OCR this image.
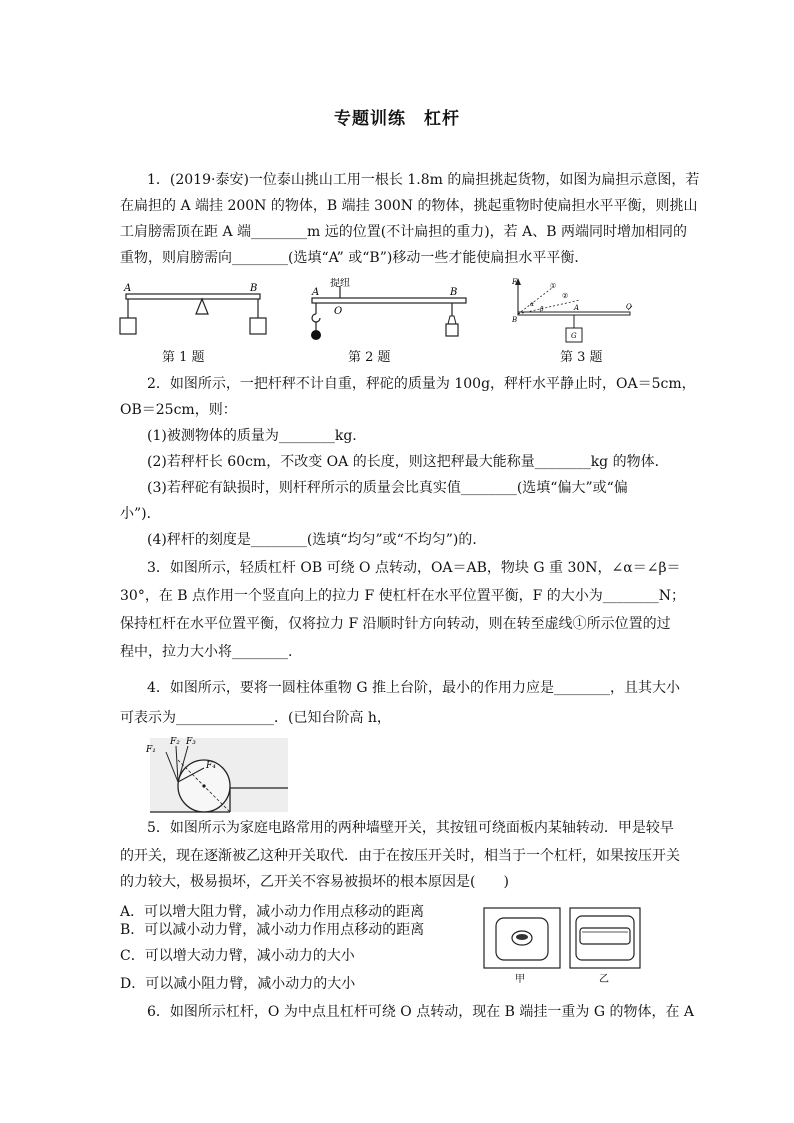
专题训练　杠杆
1．(2019·泰安)一位泰山挑山工用一根长 1.8m 的扁担挑起货物，如图为扁担示意图，若
在扁担的 A 端挂 200N 的物体，B 端挂 300N 的物体，挑起重物时使扁担水平平衡，则挑山
工肩膀需顶在距 A 端________m 远的位置(不计扁担的重力)，若 A、B 两端同时增加相同的
重物，则肩膀需向________(选填“A” 或“B”)移动一些才能使扁担水平平衡．
A	B
第 1 题
A
O
提纽
B
第 2 题
F
B
A	O
G
α
β
①
②
第 3 题
2．如图所示，一把杆秤不计自重，秤砣的质量为 100g，秤杆水平静止时，OA＝5cm，
OB＝25cm，则：
(1)被测物体的质量为________kg.
(2)若秤杆长 60cm，不改变 OA 的长度，则这把秤最大能称量________kg 的物体．
(3)若秤砣有缺损时，则杆秤所示的质量会比真实值________(选填“偏大”或“偏
小”)．
(4)秤杆的刻度是________(选填“均匀”或“不均匀”)的．
3．如图所示，轻质杠杆 OB 可绕 O 点转动，OA＝AB，物块 G 重 30N，∠α＝∠β＝
30°，在 B 点作用一个竖直向上的拉力 F 使杠杆在水平位置平衡，F 的大小为________N；
保持杠杆在水平位置平衡，仅将拉力 F 沿顺时针方向转动，则在转至虚线①所示位置的过
程中，拉力大小将________.
4．如图所示，要将一圆柱体重物 G 推上台阶，最小的作用力应是________，且其大小
可表示为______________．(已知台阶高 h，
F₁
F₂ F₃
F₄
5．如图所示为家庭电路常用的两种墙壁开关，其按钮可绕面板内某轴转动．甲是较早
的开关，现在逐渐被乙这种开关取代．由于在按压开关时，相当于一个杠杆，如果按压开关
的力较大，极易损坏，乙开关不容易被损坏的根本原因是(　　)
A．可以增大阻力臂，减小动力作用点移动的距离
B．可以减小动力臂，减小动力作用点移动的距离
C．可以增大动力臂，减小动力的大小
D．可以减小阻力臂，减小动力的大小	甲	乙
6．如图所示杠杆，O 为中点且杠杆可绕 O 点转动，现在 B 端挂一重为 G 的物体，在 A
